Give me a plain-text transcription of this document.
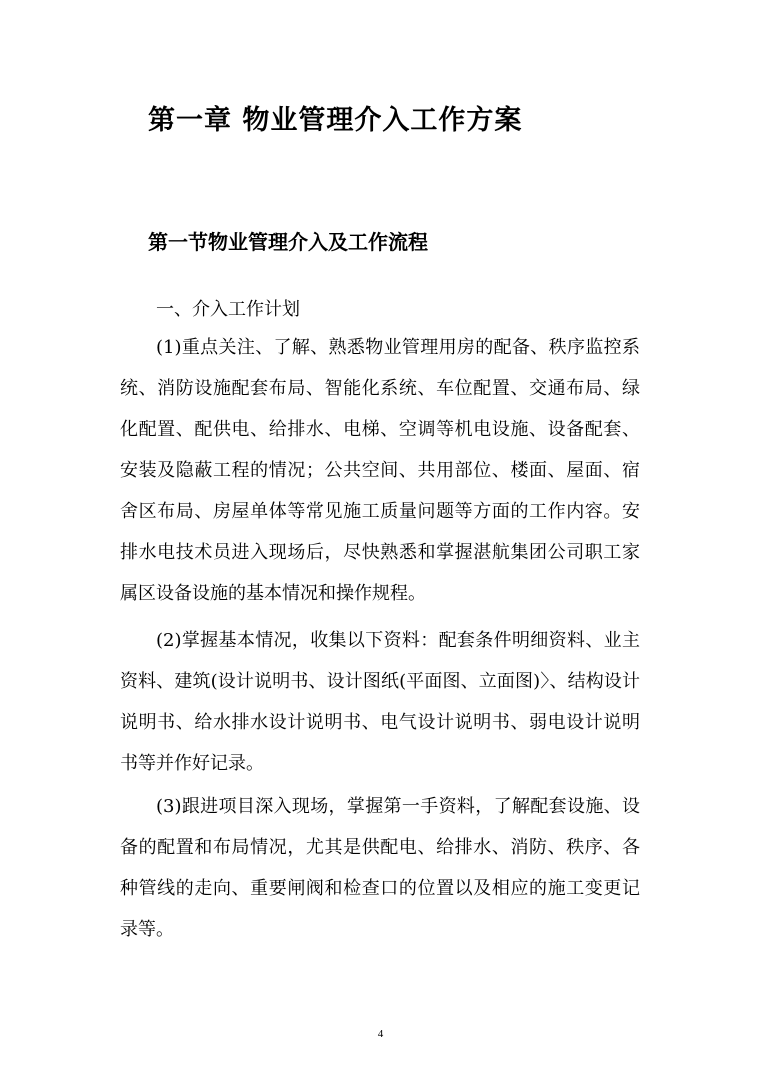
第一章 物业管理介入工作方案
第一节物业管理介入及工作流程
一、介入工作计划

(1)重点关注、了解、熟悉物业管理用房的配备、秩序监控系统、消防设施配套布局、智能化系统、车位配置、交通布局、绿化配置、配供电、给排水、电梯、空调等机电设施、设备配套、安装及隐蔽工程的情况；公共空间、共用部位、楼面、屋面、宿舍区布局、房屋单体等常见施工质量问题等方面的工作内容。安排水电技术员进入现场后，尽快熟悉和掌握湛航集团公司职工家属区设备设施的基本情况和操作规程。

(2)掌握基本情况，收集以下资料：配套条件明细资料、业主资料、建筑(设计说明书、设计图纸(平面图、立面图)〉、结构设计说明书、给水排水设计说明书、电气设计说明书、弱电设计说明书等并作好记录。

(3)跟进项目深入现场，掌握第一手资料，了解配套设施、设备的配置和布局情况，尤其是供配电、给排水、消防、秩序、各种管线的走向、重要闸阀和检查口的位置以及相应的施工变更记录等。

4
